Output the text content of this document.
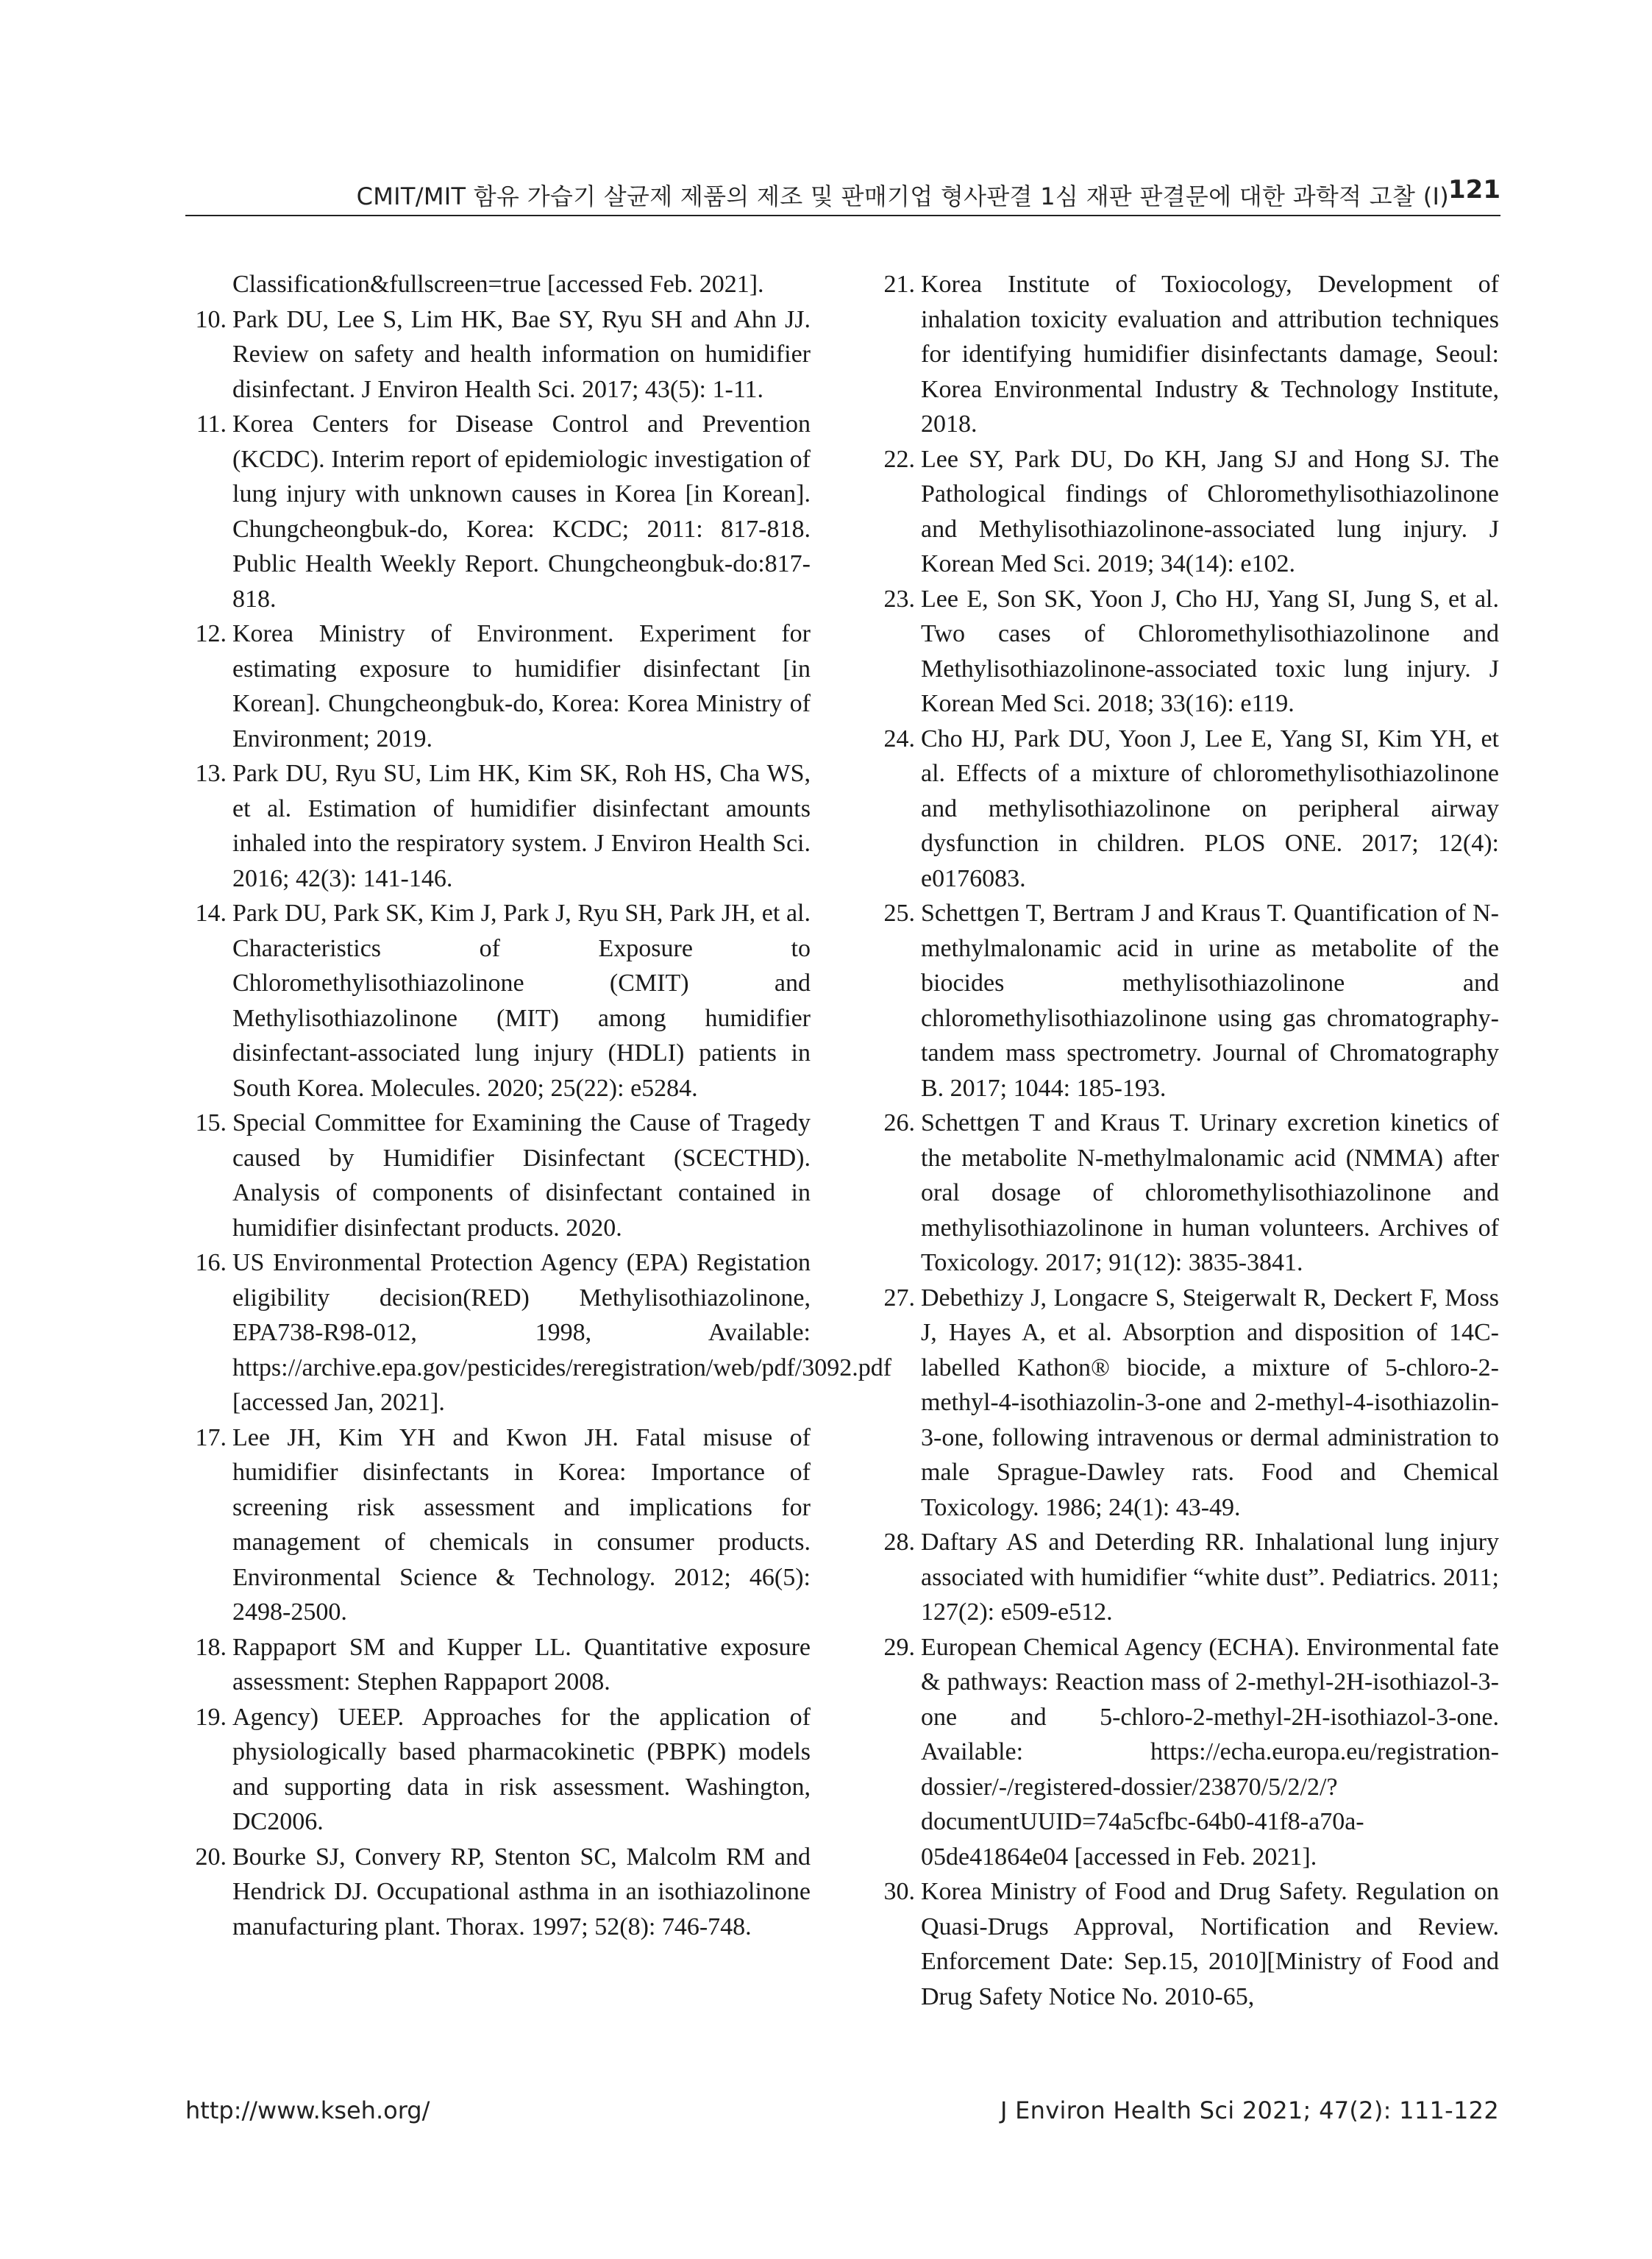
CMIT/MIT 함유 가습기 살균제 제품의 제조 및 판매기업 형사판결 1심 재판 판결문에 대한 과학적 고찰 (I) 121
Classification&fullscreen=true [accessed Feb. 2021].
10. Park DU, Lee S, Lim HK, Bae SY, Ryu SH and Ahn JJ. Review on safety and health information on humidifier disinfectant. J Environ Health Sci. 2017; 43(5): 1-11.
11. Korea Centers for Disease Control and Prevention (KCDC). Interim report of epidemiologic investigation of lung injury with unknown causes in Korea [in Korean]. Chungcheongbuk-do, Korea: KCDC; 2011: 817-818. Public Health Weekly Report. Chungcheongbuk-do:817-818.
12. Korea Ministry of Environment. Experiment for estimating exposure to humidifier disinfectant [in Korean]. Chungcheongbuk-do, Korea: Korea Ministry of Environment; 2019.
13. Park DU, Ryu SU, Lim HK, Kim SK, Roh HS, Cha WS, et al. Estimation of humidifier disinfectant amounts inhaled into the respiratory system. J Environ Health Sci. 2016; 42(3): 141-146.
14. Park DU, Park SK, Kim J, Park J, Ryu SH, Park JH, et al. Characteristics of Exposure to Chloromethylisothiazolinone (CMIT) and Methylisothiazolinone (MIT) among humidifier disinfectant-associated lung injury (HDLI) patients in South Korea. Molecules. 2020; 25(22): e5284.
15. Special Committee for Examining the Cause of Tragedy caused by Humidifier Disinfectant (SCECTHD). Analysis of components of disinfectant contained in humidifier disinfectant products. 2020.
16. US Environmental Protection Agency (EPA) Registation eligibility decision(RED) Methylisothiazolinone, EPA738-R98-012, 1998, Available: https://archive.epa.gov/pesticides/reregistration/web/pdf/3092.pdf [accessed Jan, 2021].
17. Lee JH, Kim YH and Kwon JH. Fatal misuse of humidifier disinfectants in Korea: Importance of screening risk assessment and implications for management of chemicals in consumer products. Environmental Science & Technology. 2012; 46(5): 2498-2500.
18. Rappaport SM and Kupper LL. Quantitative exposure assessment: Stephen Rappaport 2008.
19. Agency) UEEP. Approaches for the application of physiologically based pharmacokinetic (PBPK) models and supporting data in risk assessment. Washington, DC2006.
20. Bourke SJ, Convery RP, Stenton SC, Malcolm RM and Hendrick DJ. Occupational asthma in an isothiazolinone manufacturing plant. Thorax. 1997; 52(8): 746-748.
21. Korea Institute of Toxiocology, Development of inhalation toxicity evaluation and attribution techniques for identifying humidifier disinfectants damage, Seoul: Korea Environmental Industry & Technology Institute, 2018.
22. Lee SY, Park DU, Do KH, Jang SJ and Hong SJ. The Pathological findings of Chloromethylisothiazolinone and Methylisothiazolinone-associated lung injury. J Korean Med Sci. 2019; 34(14): e102.
23. Lee E, Son SK, Yoon J, Cho HJ, Yang SI, Jung S, et al. Two cases of Chloromethylisothiazolinone and Methylisothiazolinone-associated toxic lung injury. J Korean Med Sci. 2018; 33(16): e119.
24. Cho HJ, Park DU, Yoon J, Lee E, Yang SI, Kim YH, et al. Effects of a mixture of chloromethylisothiazolinone and methylisothiazolinone on peripheral airway dysfunction in children. PLOS ONE. 2017; 12(4): e0176083.
25. Schettgen T, Bertram J and Kraus T. Quantification of N-methylmalonamic acid in urine as metabolite of the biocides methylisothiazolinone and chloromethylisothiazolinone using gas chromatography-tandem mass spectrometry. Journal of Chromatography B. 2017; 1044: 185-193.
26. Schettgen T and Kraus T. Urinary excretion kinetics of the metabolite N-methylmalonamic acid (NMMA) after oral dosage of chloromethylisothiazolinone and methylisothiazolinone in human volunteers. Archives of Toxicology. 2017; 91(12): 3835-3841.
27. Debethizy J, Longacre S, Steigerwalt R, Deckert F, Moss J, Hayes A, et al. Absorption and disposition of 14C-labelled Kathon® biocide, a mixture of 5-chloro-2-methyl-4-isothiazolin-3-one and 2-methyl-4-isothiazolin-3-one, following intravenous or dermal administration to male Sprague-Dawley rats. Food and Chemical Toxicology. 1986; 24(1): 43-49.
28. Daftary AS and Deterding RR. Inhalational lung injury associated with humidifier “white dust”. Pediatrics. 2011; 127(2): e509-e512.
29. European Chemical Agency (ECHA). Environmental fate & pathways: Reaction mass of 2-methyl-2H-isothiazol-3-one and 5-chloro-2-methyl-2H-isothiazol-3-one. Available: https://echa.europa.eu/registration-dossier/-/registered-dossier/23870/5/2/2/?documentUUID=74a5cfbc-64b0-41f8-a70a-05de41864e04 [accessed in Feb. 2021].
30. Korea Ministry of Food and Drug Safety. Regulation on Quasi-Drugs Approval, Nortification and Review. Enforcement Date: Sep.15, 2010][Ministry of Food and Drug Safety Notice No. 2010-65,
http://www.kseh.org/	J Environ Health Sci 2021; 47(2): 111-122
